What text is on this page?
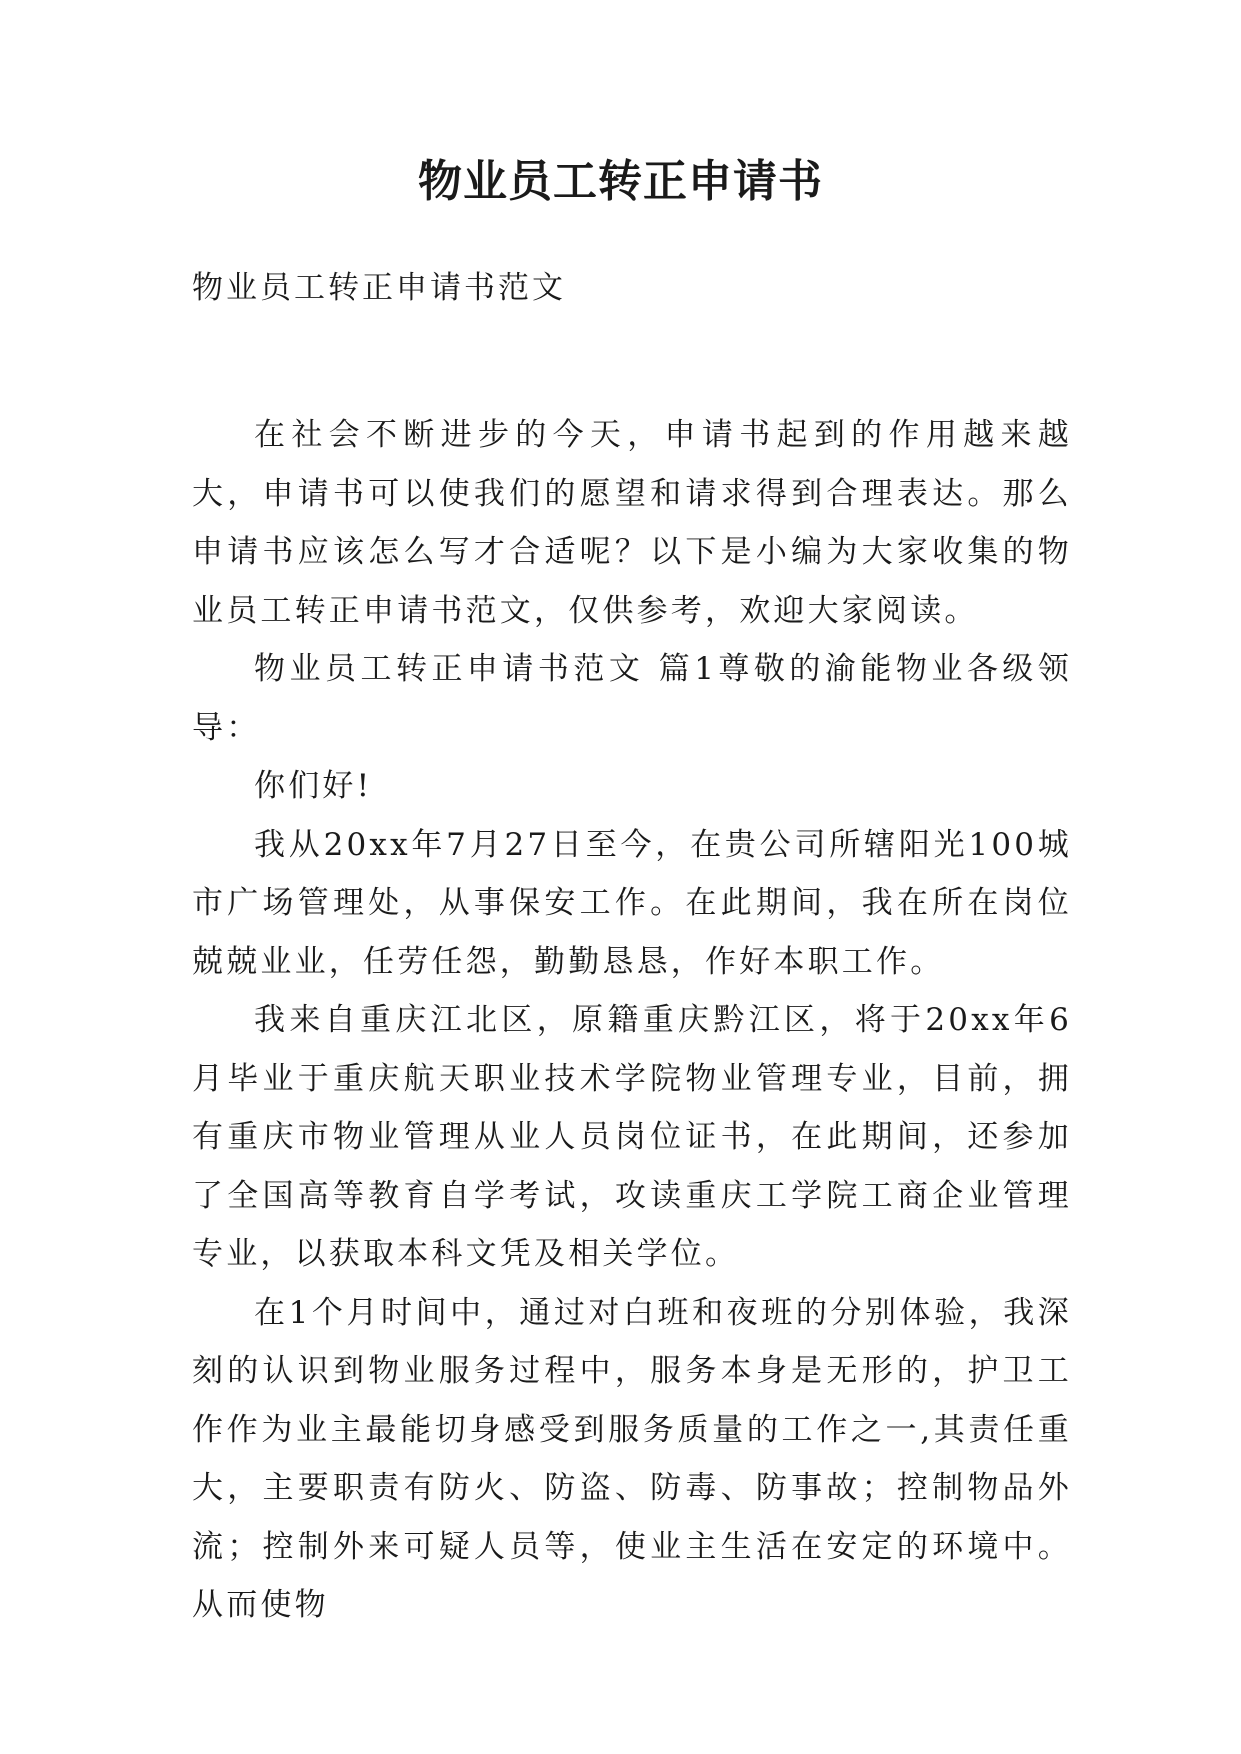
物业员工转正申请书
物业员工转正申请书范文

在社会不断进步的今天，申请书起到的作用越来越大，申请书可以使我们的愿望和请求得到合理表达。那么申请书应该怎么写才合适呢？以下是小编为大家收集的物业员工转正申请书范文，仅供参考，欢迎大家阅读。

物业员工转正申请书范文 篇1尊敬的渝能物业各级领导：

你们好!

我从20xx年7月27日至今，在贵公司所辖阳光100城市广场管理处，从事保安工作。在此期间，我在所在岗位兢兢业业，任劳任怨，勤勤恳恳，作好本职工作。

我来自重庆江北区，原籍重庆黔江区，将于20xx年6月毕业于重庆航天职业技术学院物业管理专业，目前，拥有重庆市物业管理从业人员岗位证书，在此期间，还参加了全国高等教育自学考试，攻读重庆工学院工商企业管理专业，以获取本科文凭及相关学位。

在1个月时间中，通过对白班和夜班的分别体验，我深刻的认识到物业服务过程中，服务本身是无形的，护卫工作作为业主最能切身感受到服务质量的工作之一,其责任重大，主要职责有防火、防盗、防毒、防事故；控制物品外流；控制外来可疑人员等，使业主生活在安定的环境中。从而使物
